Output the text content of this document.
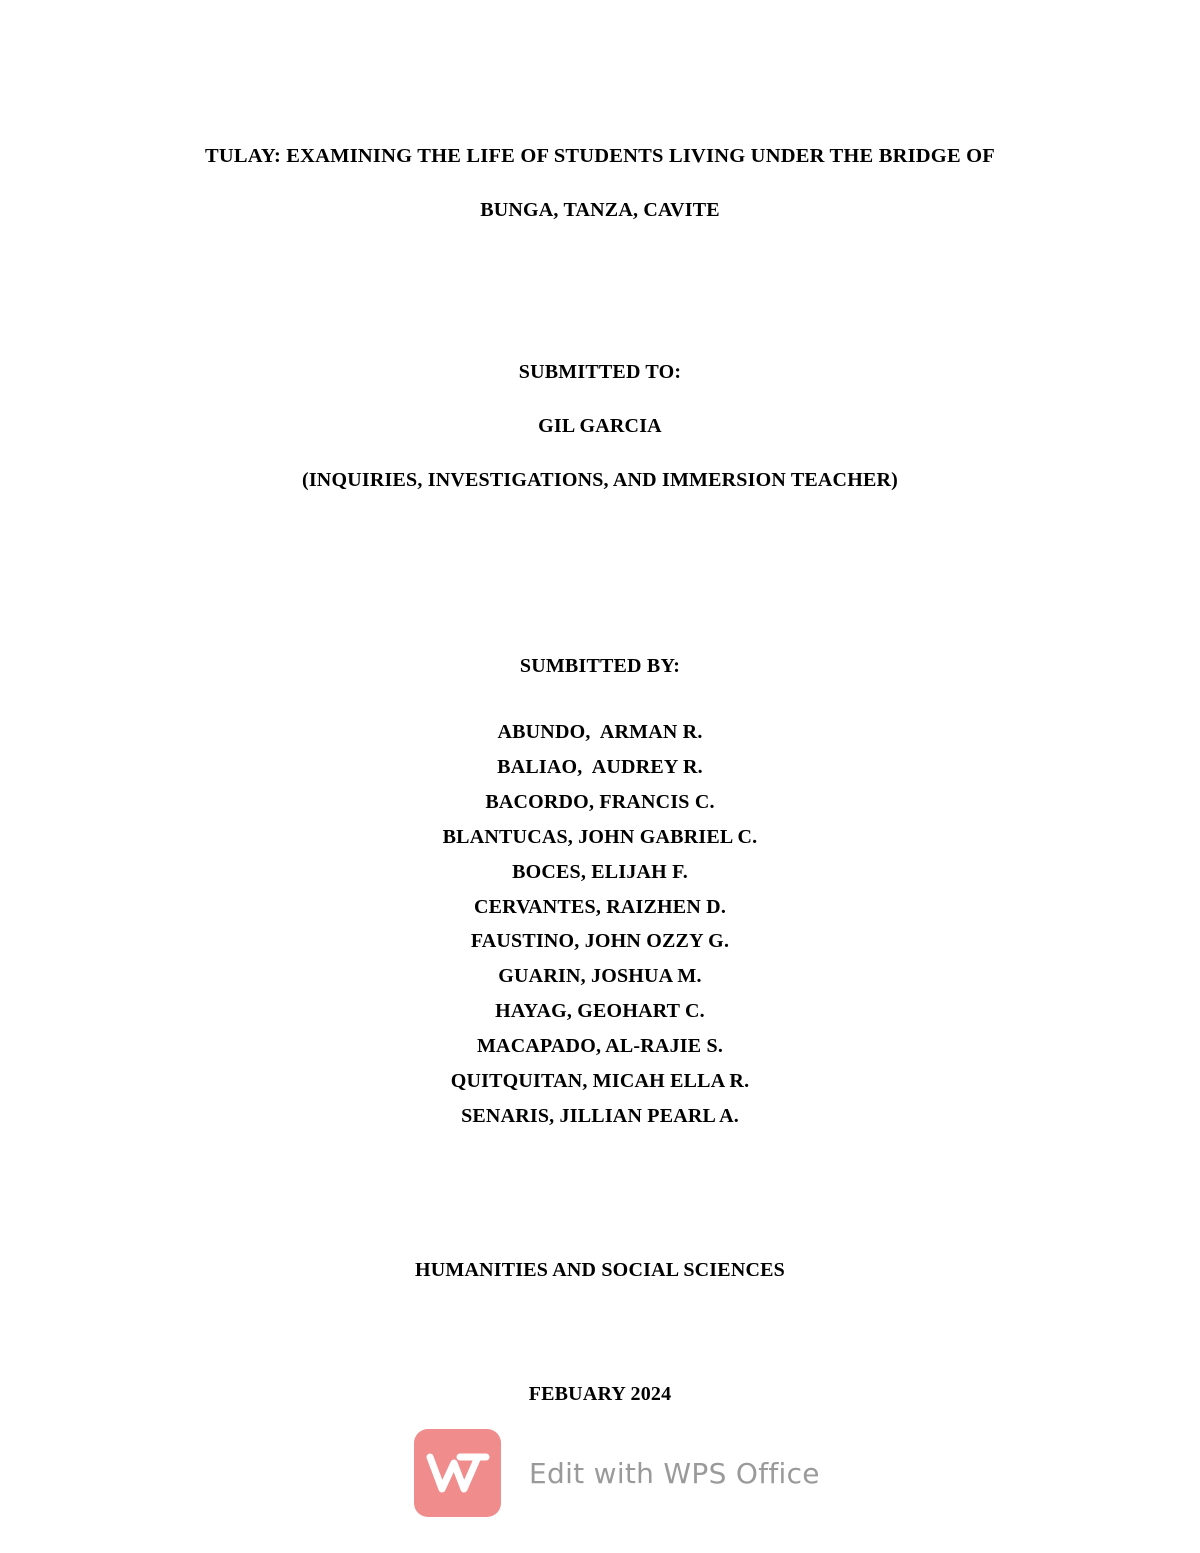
TULAY: EXAMINING THE LIFE OF STUDENTS LIVING UNDER THE BRIDGE OF
BUNGA, TANZA, CAVITE
SUBMITTED TO:
GIL GARCIA
(INQUIRIES, INVESTIGATIONS, AND IMMERSION TEACHER)
SUMBITTED BY:
ABUNDO,  ARMAN R.
BALIAO,  AUDREY R.
BACORDO, FRANCIS C.
BLANTUCAS, JOHN GABRIEL C.
BOCES, ELIJAH F.
CERVANTES, RAIZHEN D.
FAUSTINO, JOHN OZZY G.
GUARIN, JOSHUA M.
HAYAG, GEOHART C.
MACAPADO, AL-RAJIE S.
QUITQUITAN, MICAH ELLA R.
SENARIS, JILLIAN PEARL A.
HUMANITIES AND SOCIAL SCIENCES
FEBUARY 2024
Edit with WPS Office
